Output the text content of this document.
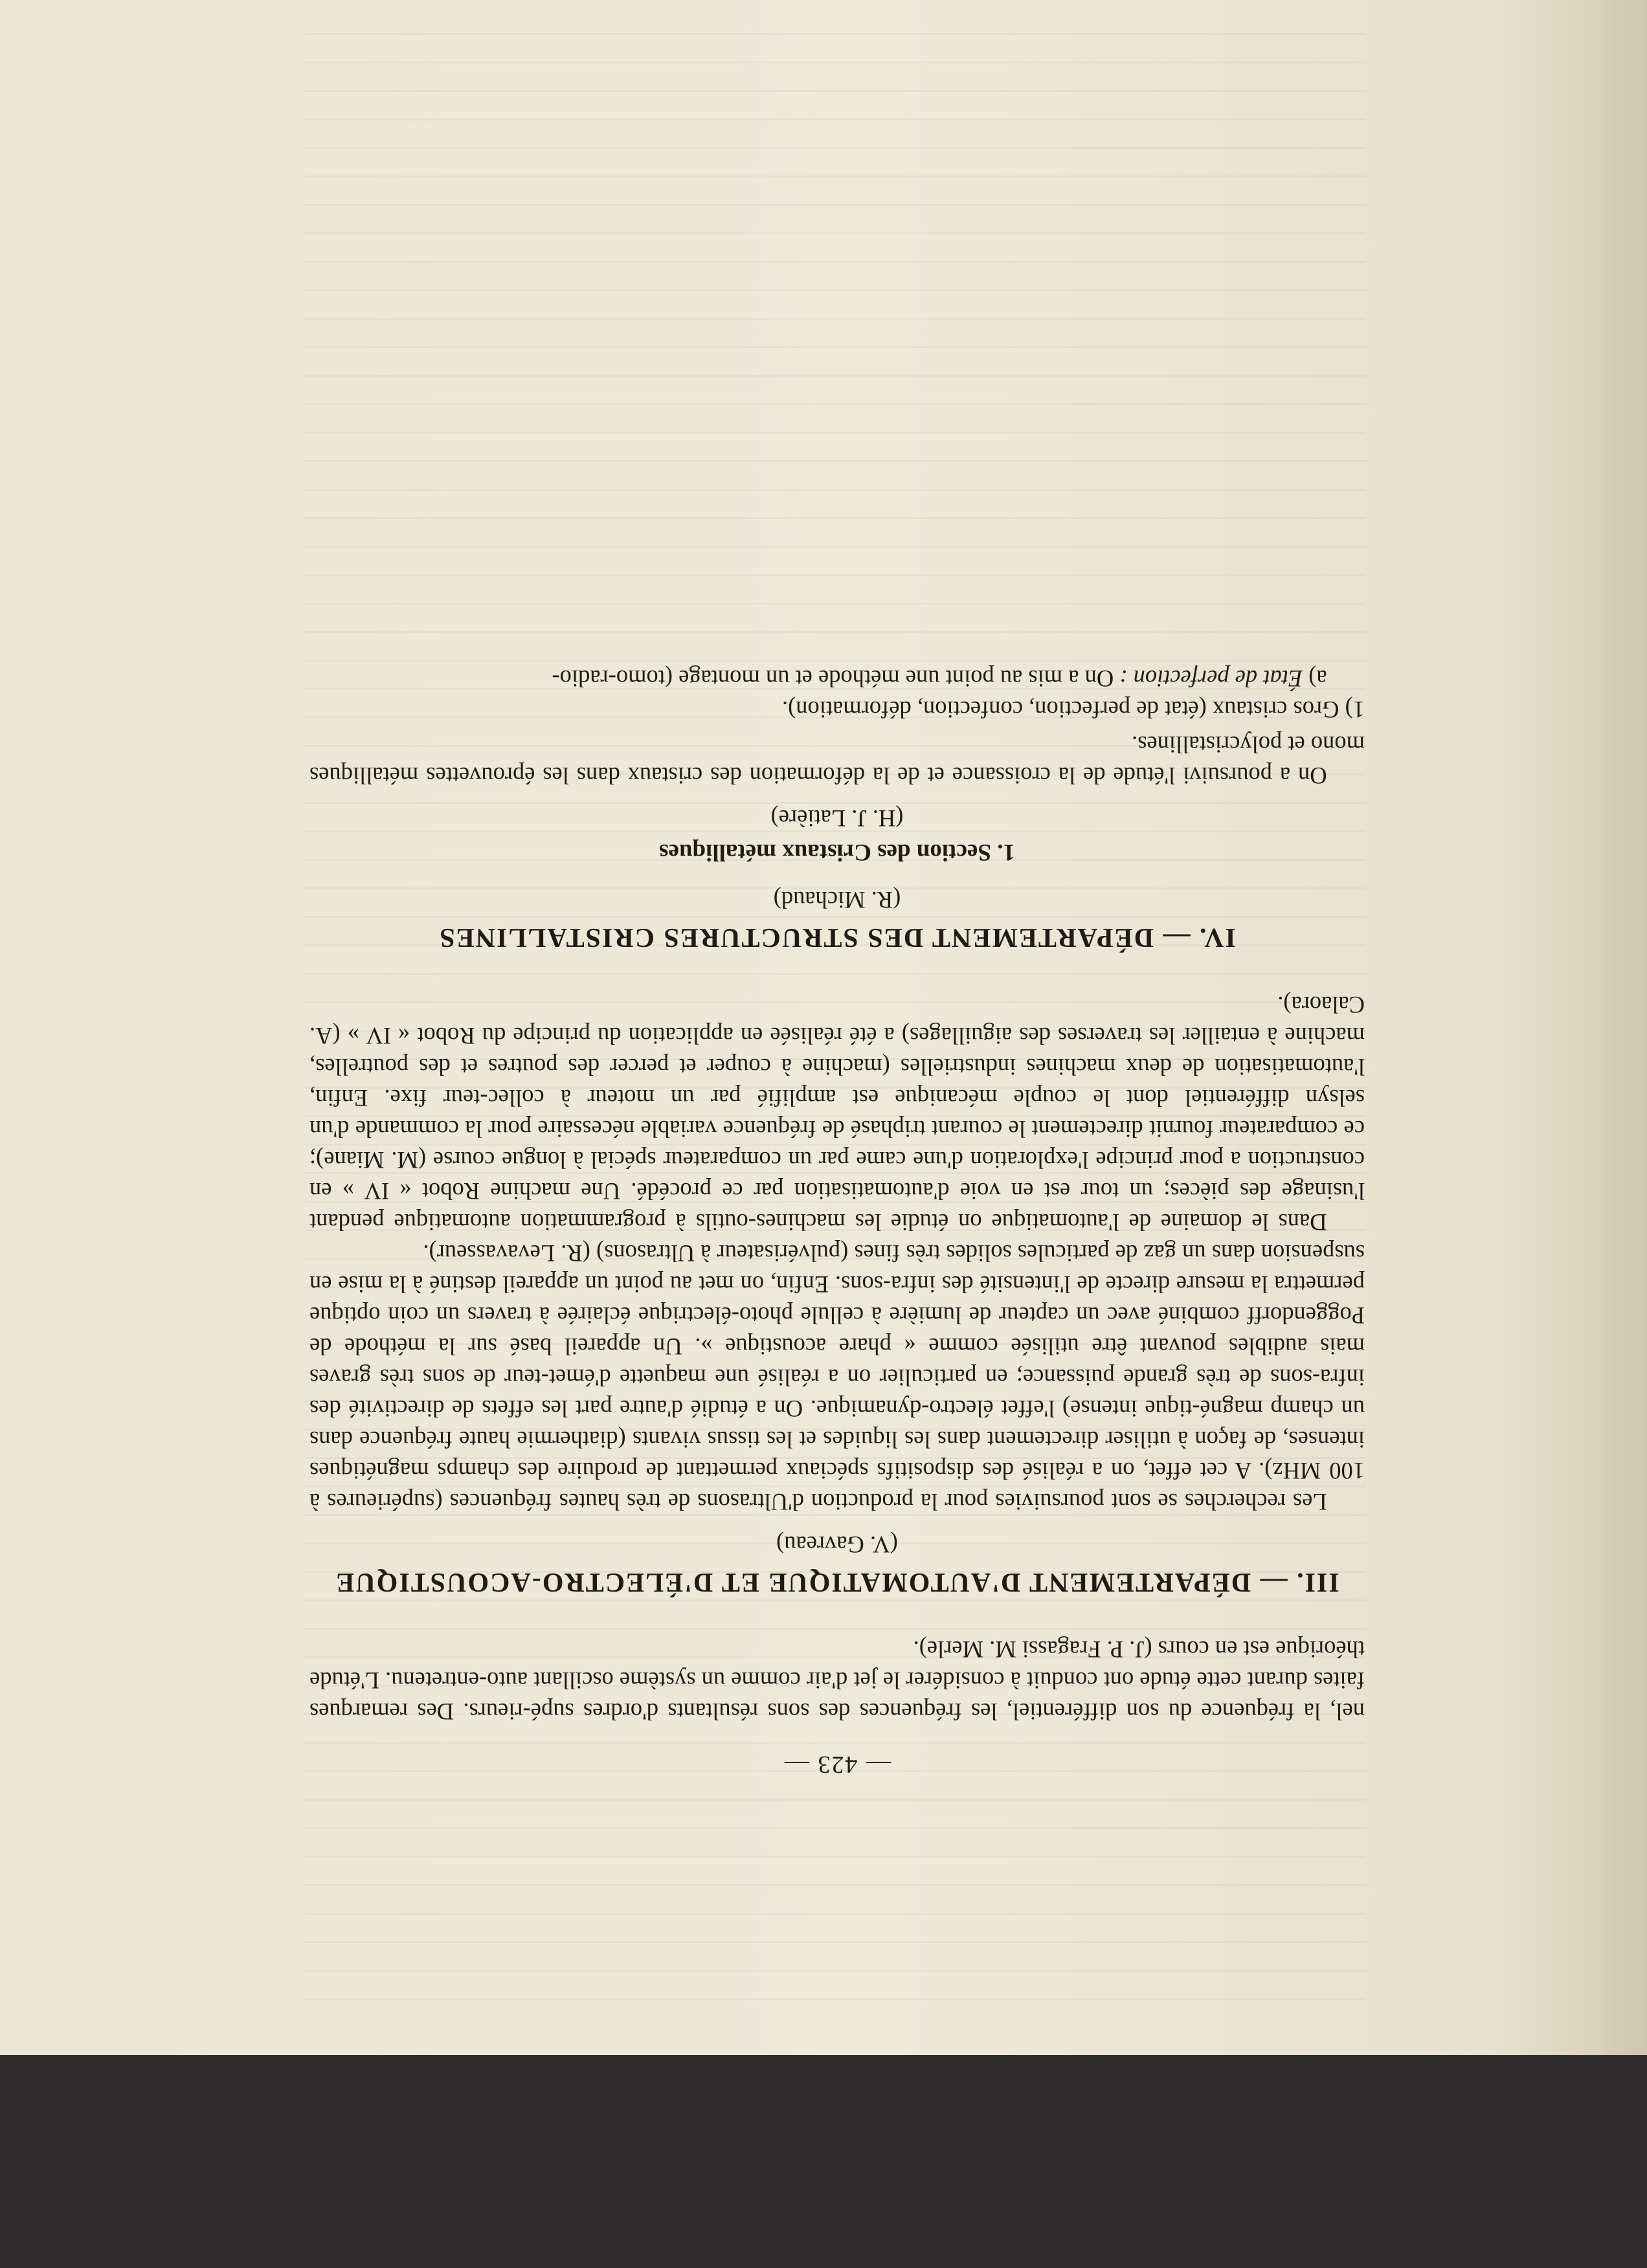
— 423 —

nel, la fréquence du son différentiel, les fréquences des sons résultants d'ordres supé-rieurs. Des remarques faites durant cette étude ont conduit à considérer le jet d'air comme un système oscillant auto-entretenu. L'étude théorique est en cours (J. P. Fragassi M. Merle).

III. — DÉPARTEMENT D'AUTOMATIQUE ET D'ÉLECTRO-ACOUSTIQUE
(V. Gavreau)

Les recherches se sont poursuivies pour la production d'Ultrasons de très hautes fréquences (supérieures à 100 MHz). A cet effet, on a réalisé des dispositifs spéciaux permettant de produire des champs magnétiques intenses, de façon à utiliser directement dans les liquides et les tissus vivants (diathermie haute fréquence dans un champ magné-tique intense) l'effet électro-dynamique. On a étudié d'autre part les effets de directivité des infra-sons de très grande puissance; en particulier on a réalisé une maquette d'émet-teur de sons très graves mais audibles pouvant être utilisée comme « phare acoustique ». Un appareil basé sur la méthode de Poggendorff combiné avec un capteur de lumière à cellule photo-électrique éclairée à travers un coin optique permettra la mesure directe de l'intensité des infra-sons. Enfin, on met au point un appareil destiné à la mise en suspension dans un gaz de particules solides très fines (pulvérisateur à Ultrasons) (R. Levavasseur).

Dans le domaine de l'automatique on étudie les machines-outils à programmation automatique pendant l'usinage des pièces; un tour est en voie d'automatisation par ce procédé. Une machine Robot « IV » en construction a pour principe l'exploration d'une came par un comparateur spécial à longue course (M. Miane); ce comparateur fournit directement le courant triphasé de fréquence variable nécessaire pour la commande d'un selsyn différentiel dont le couple mécanique est amplifié par un moteur à collec-teur fixe. Enfin, l'automatisation de deux machines industrielles (machine à couper et percer des poutres et des poutrelles, machine à entailler les traverses des aiguillages) a été réalisée en application du principe du Robot « IV » (A. Calaora).

IV. — DÉPARTEMENT DES STRUCTURES CRISTALLINES
(R. Michaud)
1. Section des Cristaux métalliques
(H. J. Latière)

On a poursuivi l'étude de la croissance et de la déformation des cristaux dans les éprouvettes métalliques mono et polycristallines.

1) Gros cristaux (état de perfection, confection, déformation).

a) État de perfection : On a mis au point une méthode et un montage (tomo-radio-
